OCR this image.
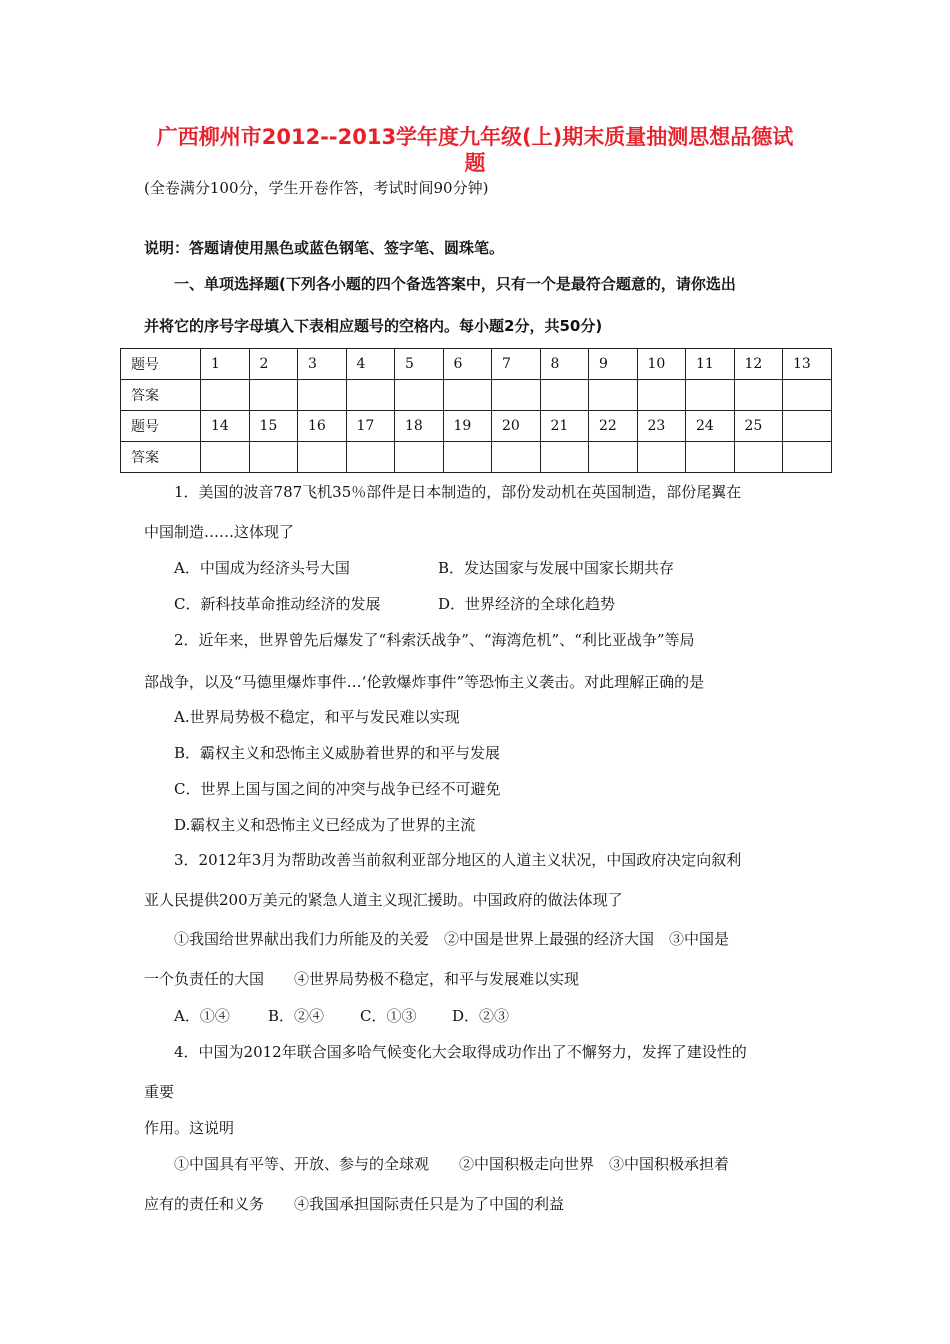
广西柳州市2012--2013学年度九年级(上)期末质量抽测思想品德试
题
(全卷满分100分，学生开卷作答，考试时间90分钟)
说明：答题请使用黑色或蓝色钢笔、签字笔、圆珠笔。
一、单项选择题(下列各小题的四个备选答案中，只有一个是最符合题意的，请你选出
并将它的序号字母填入下表相应题号的空格内。每小题2分，共50分)
题号	1	2	3	4	5	6	7	8	9	10	11	12	13
答案													
题号	14	15	16	17	18	19	20	21	22	23	24	25	
答案													
1．美国的波音787飞机35％部件是日本制造的，部份发动机在英国制造，部份尾翼在
中国制造……这体现了
A．中国成为经济头号大国	B．发达国家与发展中国家长期共存
C．新科技革命推动经济的发展	D．世界经济的全球化趋势
2．近年来，世界曾先后爆发了“科索沃战争”、“海湾危机”、“利比亚战争”等局
部战争，以及“马德里爆炸事件…‘伦敦爆炸事件”等恐怖主义袭击。对此理解正确的是
A.世界局势极不稳定，和平与发民难以实现
B．霸权主义和恐怖主义威胁着世界的和平与发展
C．世界上国与国之间的冲突与战争已经不可避免
D.霸权主义和恐怖主义已经成为了世界的主流
3．2012年3月为帮助改善当前叙利亚部分地区的人道主义状况，中国政府决定向叙利
亚人民提供200万美元的紧急人道主义现汇援助。中国政府的做法体现了
①我国给世界献出我们力所能及的关爱　②中国是世界上最强的经济大国　③中国是
一个负责任的大国　　④世界局势极不稳定，和平与发展难以实现
A．①④	B．②④ C．①③ D．②③
4．中国为2012年联合国多哈气候变化大会取得成功作出了不懈努力，发挥了建设性的
重要
作用。这说明
①中国具有平等、开放、参与的全球观　　②中国积极走向世界　③中国积极承担着
应有的责任和义务　　④我国承担国际责任只是为了中国的利益
